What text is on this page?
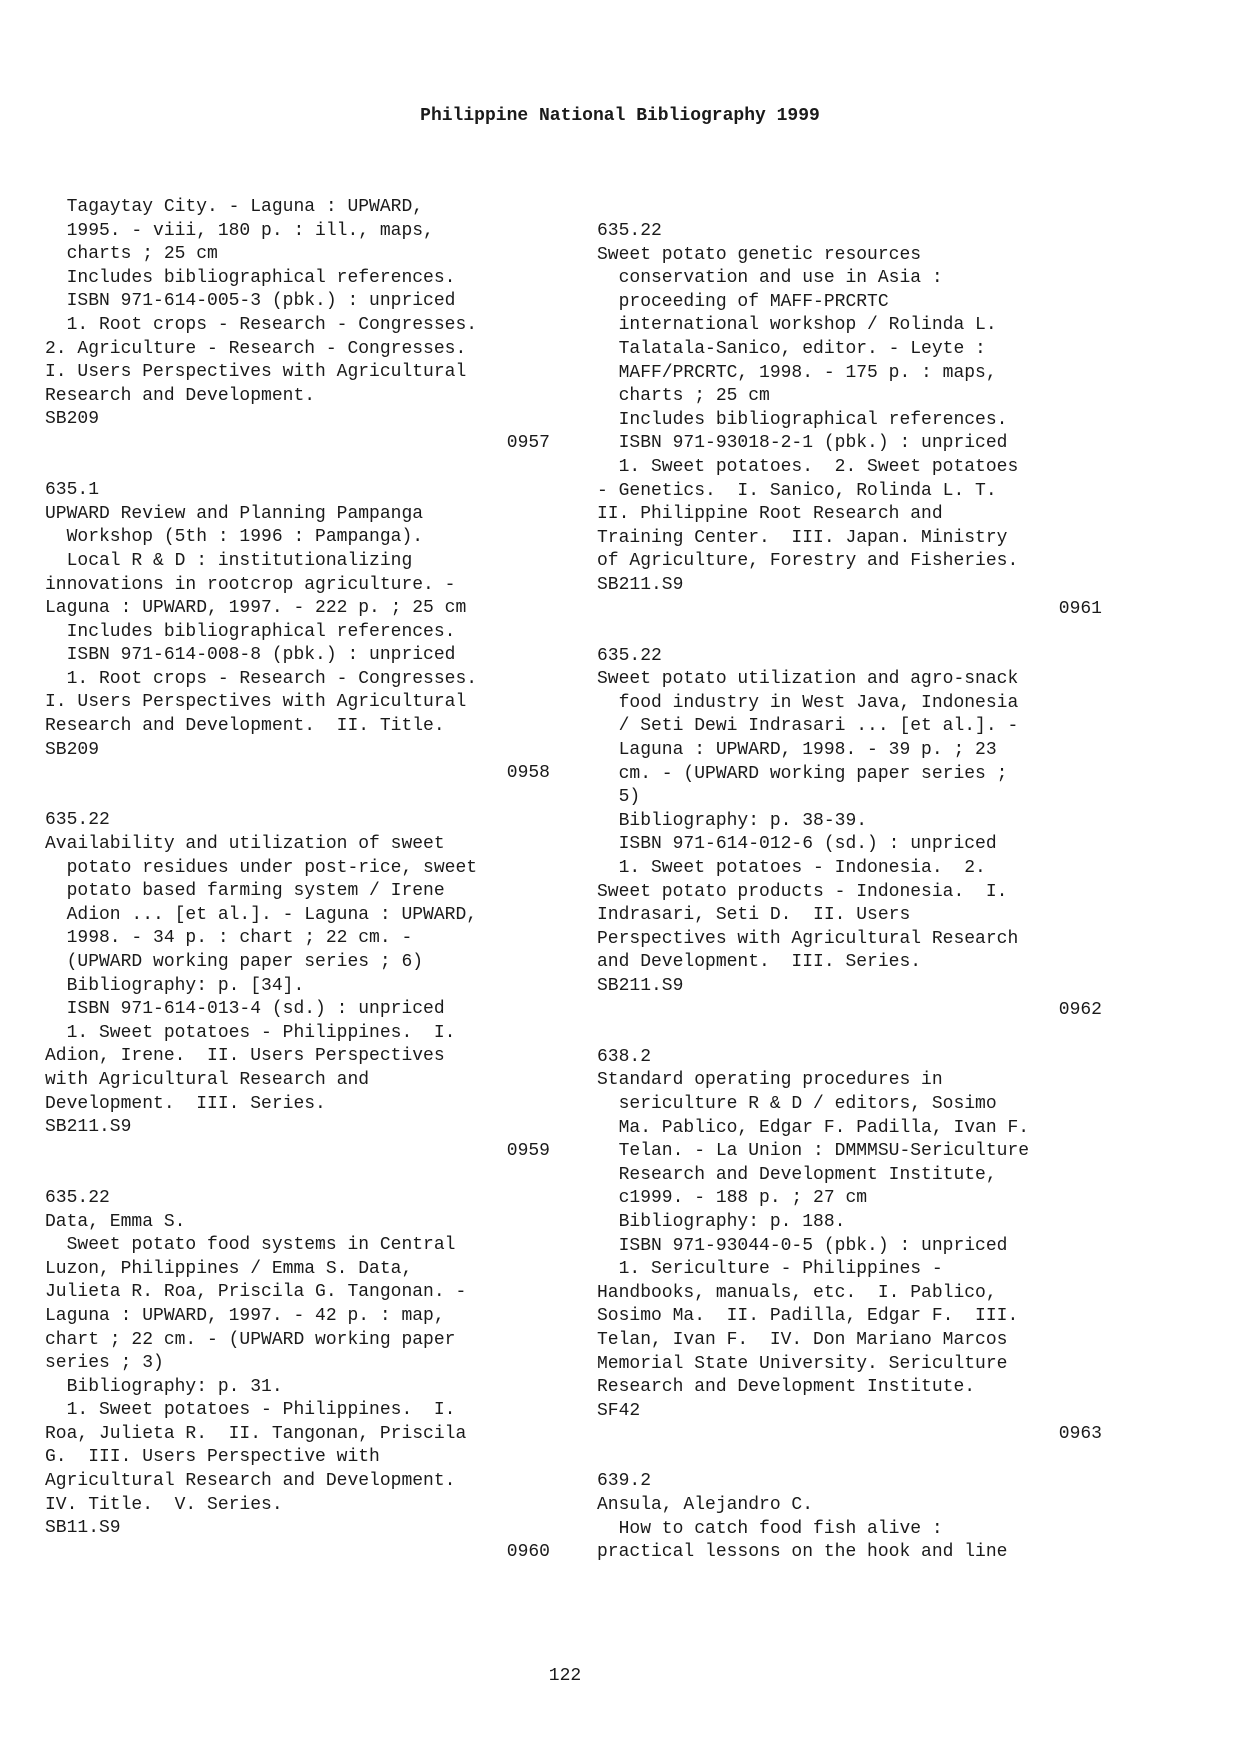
Philippine National Bibliography 1999
Tagaytay City. - Laguna : UPWARD,
1995. - viii, 180 p. : ill., maps,
charts ; 25 cm
Includes bibliographical references.
ISBN 971-614-005-3 (pbk.) : unpriced
1. Root crops - Research - Congresses.
2. Agriculture - Research - Congresses.
I. Users Perspectives with Agricultural
Research and Development.
SB209
0957
635.1
UPWARD Review and Planning Pampanga
Workshop (5th : 1996 : Pampanga).
Local R & D : institutionalizing
innovations in rootcrop agriculture. -
Laguna : UPWARD, 1997. - 222 p. ; 25 cm
Includes bibliographical references.
ISBN 971-614-008-8 (pbk.) : unpriced
1. Root crops - Research - Congresses.
I. Users Perspectives with Agricultural
Research and Development.  II. Title.
SB209
0958
635.22
Availability and utilization of sweet
potato residues under post-rice, sweet
potato based farming system / Irene
Adion ... [et al.]. - Laguna : UPWARD,
1998. - 34 p. : chart ; 22 cm. -
(UPWARD working paper series ; 6)
Bibliography: p. [34].
ISBN 971-614-013-4 (sd.) : unpriced
1. Sweet potatoes - Philippines.  I.
Adion, Irene.  II. Users Perspectives
with Agricultural Research and
Development.  III. Series.
SB211.S9
0959
635.22
Data, Emma S.
Sweet potato food systems in Central
Luzon, Philippines / Emma S. Data,
Julieta R. Roa, Priscila G. Tangonan. -
Laguna : UPWARD, 1997. - 42 p. : map,
chart ; 22 cm. - (UPWARD working paper
series ; 3)
Bibliography: p. 31.
1. Sweet potatoes - Philippines.  I.
Roa, Julieta R.  II. Tangonan, Priscila
G.  III. Users Perspective with
Agricultural Research and Development.
IV. Title.  V. Series.
SB11.S9
0960
635.22
Sweet potato genetic resources
conservation and use in Asia :
proceeding of MAFF-PRCRTC
international workshop / Rolinda L.
Talatala-Sanico, editor. - Leyte :
MAFF/PRCRTC, 1998. - 175 p. : maps,
charts ; 25 cm
Includes bibliographical references.
ISBN 971-93018-2-1 (pbk.) : unpriced
1. Sweet potatoes.  2. Sweet potatoes
- Genetics.  I. Sanico, Rolinda L. T.
II. Philippine Root Research and
Training Center.  III. Japan. Ministry
of Agriculture, Forestry and Fisheries.
SB211.S9
0961
635.22
Sweet potato utilization and agro-snack
food industry in West Java, Indonesia
/ Seti Dewi Indrasari ... [et al.]. -
Laguna : UPWARD, 1998. - 39 p. ; 23
cm. - (UPWARD working paper series ;
5)
Bibliography: p. 38-39.
ISBN 971-614-012-6 (sd.) : unpriced
1. Sweet potatoes - Indonesia.  2.
Sweet potato products - Indonesia.  I.
Indrasari, Seti D.  II. Users
Perspectives with Agricultural Research
and Development.  III. Series.
SB211.S9
0962
638.2
Standard operating procedures in
sericulture R & D / editors, Sosimo
Ma. Pablico, Edgar F. Padilla, Ivan F.
Telan. - La Union : DMMMSU-Sericulture
Research and Development Institute,
c1999. - 188 p. ; 27 cm
Bibliography: p. 188.
ISBN 971-93044-0-5 (pbk.) : unpriced
1. Sericulture - Philippines -
Handbooks, manuals, etc.  I. Pablico,
Sosimo Ma.  II. Padilla, Edgar F.  III.
Telan, Ivan F.  IV. Don Mariano Marcos
Memorial State University. Sericulture
Research and Development Institute.
SF42
0963
639.2
Ansula, Alejandro C.
How to catch food fish alive :
practical lessons on the hook and line
122
